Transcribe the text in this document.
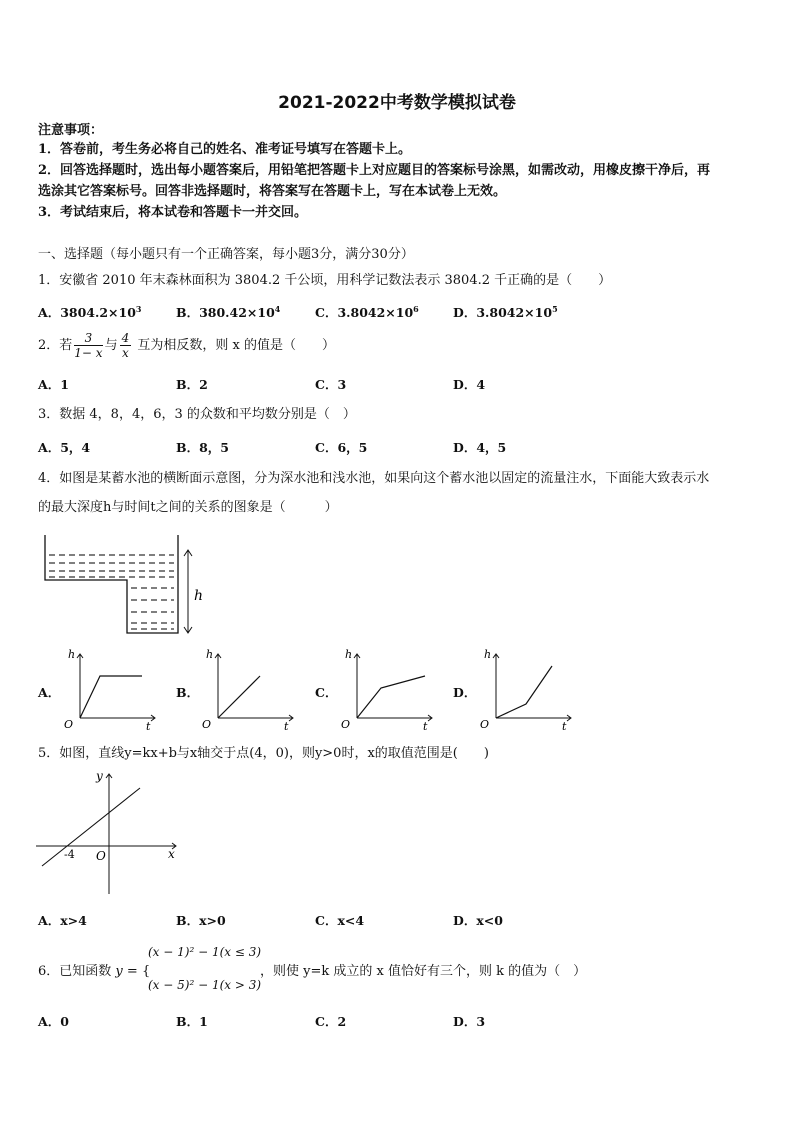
2021-2022中考数学模拟试卷
注意事项：
1．答卷前，考生务必将自己的姓名、准考证号填写在答题卡上。
2．回答选择题时，选出每小题答案后，用铅笔把答题卡上对应题目的答案标号涂黑，如需改动，用橡皮擦干净后，再
选涂其它答案标号。回答非选择题时，将答案写在答题卡上，写在本试卷上无效。
3．考试结束后，将本试卷和答题卡一并交回。
一、选择题（每小题只有一个正确答案，每小题3分，满分30分）
1．安徽省 2010 年末森林面积为 3804.2 千公顷，用科学记数法表示 3804.2 千正确的是（　　）
A．$3804.2\times 10^3$	B．$380.42\times 10^4$	C．$3.8042\times 10^6$	D．$3.8042\times 10^5$
2．若 $\frac{3}{1- x}$ 与 $\frac{4}{x}$ 互为相反数，则 x 的值是（　　）
A．1	B．2	C．3	D．4
3．数据 4，8，4，6，3 的众数和平均数分别是（　）
A．5，4	B．8，5	C．6，5	D．4，5
4．如图是某蓄水池的横断面示意图，分为深水池和浅水池，如果向这个蓄水池以固定的流量注水，下面能大致表示水
的最大深度h与时间t之间的关系的图象是（　　　）
h
A．
h
O	t
B．
h
O	t
C．
h
O	t
D．
h
O	t
5．如图，直线y=kx+b与x轴交于点(4，0)，则y>0时，x的取值范围是(　　)
y
x
O
-4
A．x>4	B．x>0	C．x<4	D．x<0
6．已知函数 y = {
(x − 1)² − 1(x ≤ 3)
(x − 5)² − 1(x > 3)
，则使 y=k 成立的 x 值恰好有三个，则 k 的值为（　）
A．0	B．1	C．2	D．3
